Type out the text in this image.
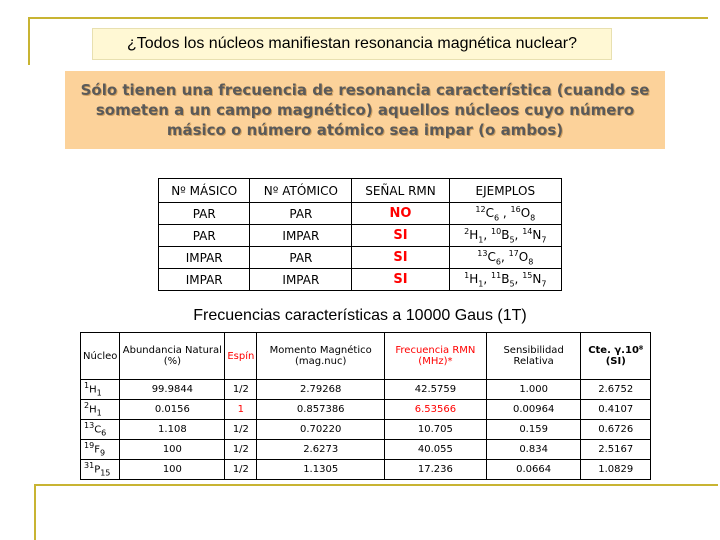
¿Todos los núcleos manifiestan resonancia magnética nuclear?
Sólo tienen una frecuencia de resonancia característica (cuando se someten a un campo magnético) aquellos núcleos cuyo número másico o número atómico sea impar (o ambos)
Nº MÁSICO	Nº ATÓMICO	SEÑAL RMN	EJEMPLOS
PAR	PAR	NO	$^{12}C_6$ , $^{16}O_8$
PAR	IMPAR	SI	$^2H_1$, $^{10}B_5$, $^{14}N_7$
IMPAR	PAR	SI	$^{13}C_6$, $^{17}O_8$
IMPAR	IMPAR	SI	$^1H_1$, $^{11}B_5$, $^{15}N_7$
Frecuencias características a 10000 Gaus (1T)
Núcleo	Abundancia Natural (%)	Espín	Momento Magnético (mag.nuc)	Frecuencia RMN (MHz)*	Sensibilidad Relativa	Cte. γ.10⁸ (SI)
$^1H_1$	99.9844	1/2	2.79268	42.5759	1.000	2.6752
$^2H_1$	0.0156	1	0.857386	6.53566	0.00964	0.4107
$^{13}C_6$	1.108	1/2	0.70220	10.705	0.159	0.6726
$^{19}F_9$	100	1/2	2.6273	40.055	0.834	2.5167
$^{31}P_{15}$	100	1/2	1.1305	17.236	0.0664	1.0829
